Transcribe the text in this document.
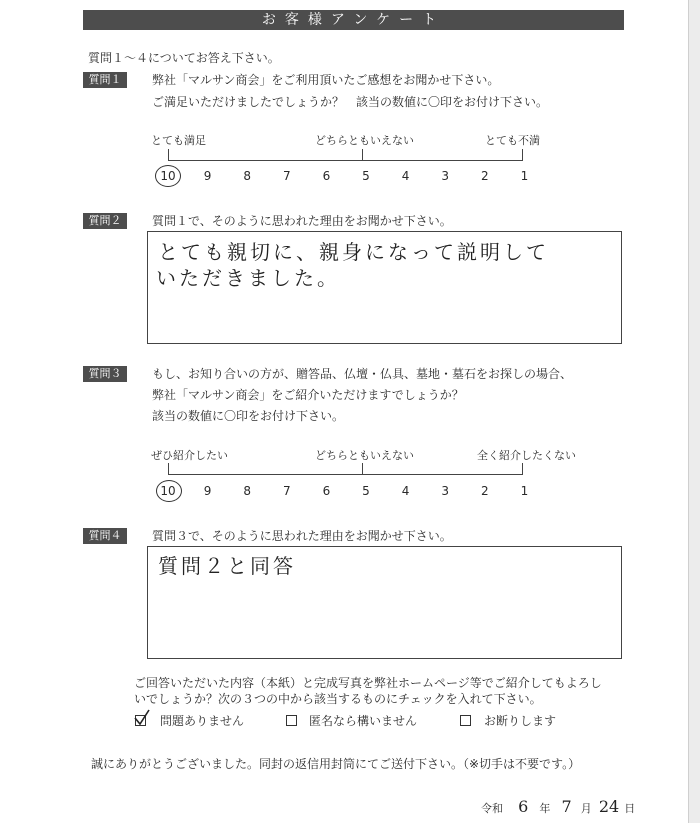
お客様アンケート
質問１〜４についてお答え下さい。
質問１	弊社「マルサン商会」をご利用頂いたご感想をお聞かせ下さい。
ご満足いただけましたでしょうか？　該当の数値に〇印をお付け下さい。
とても満足	どちらともいえない	とても不満
10	9	8	7	6	5	4	3	2	1
質問２	質問１で、そのように思われた理由をお聞かせ下さい。
とても親切に、親身になって説明して
いただきました。
質問３	もし、お知り合いの方が、贈答品、仏壇・仏具、墓地・墓石をお探しの場合、
弊社「マルサン商会」をご紹介いただけますでしょうか？
該当の数値に〇印をお付け下さい。
ぜひ紹介したい	どちらともいえない	全く紹介したくない
10	9	8	7	6	5	4	3	2	1
質問４	質問３で、そのように思われた理由をお聞かせ下さい。
質問２と同答
ご回答いただいた内容（本紙）と完成写真を弊社ホームページ等でご紹介してもよろし
いでしょうか？次の３つの中から該当するものにチェックを入れて下さい。
問題ありません	匿名なら構いません	お断りします
誠にありがとうございました。同封の返信用封筒にてご送付下さい。（※切手は不要です。）
令和 6 年 7 月 24 日
